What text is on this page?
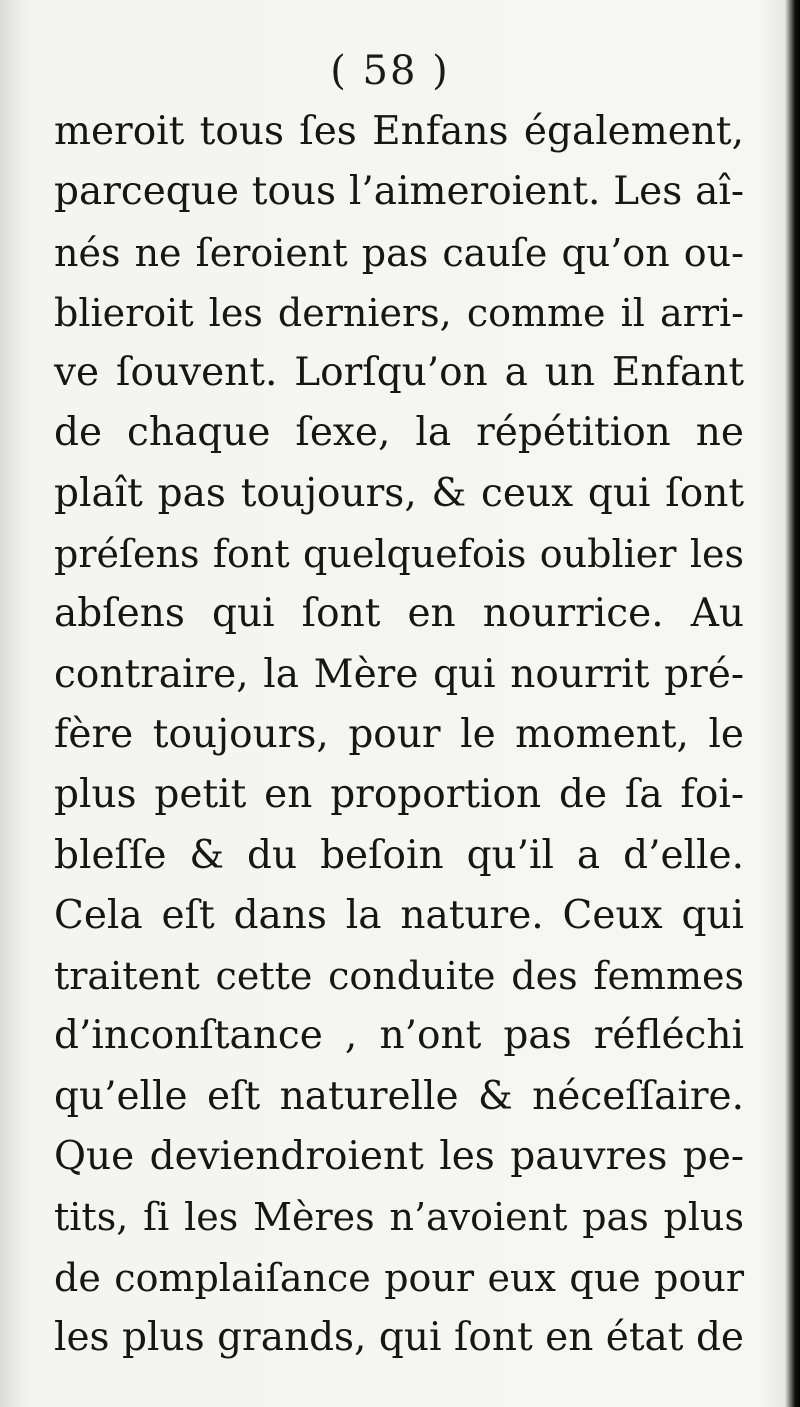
( 58 )
meroit tous ſes Enfans également,
parceque tous l’aimeroient. Les aî-
nés ne ſeroient pas cauſe qu’on ou-
blieroit les derniers, comme il arri-
ve ſouvent. Lorſqu’on a un Enfant
de chaque ſexe, la répétition ne
plaît pas toujours, & ceux qui ſont
préſens font quelquefois oublier les
abſens qui ſont en nourrice. Au
contraire, la Mère qui nourrit pré-
fère toujours, pour le moment, le
plus petit en proportion de ſa foi-
bleſſe & du beſoin qu’il a d’elle.
Cela eſt dans la nature. Ceux qui
traitent cette conduite des femmes
d’inconſtance , n’ont pas réfléchi
qu’elle eſt naturelle & néceſſaire.
Que deviendroient les pauvres pe-
tits, ſi les Mères n’avoient pas plus
de complaiſance pour eux que pour
les plus grands, qui ſont en état de
